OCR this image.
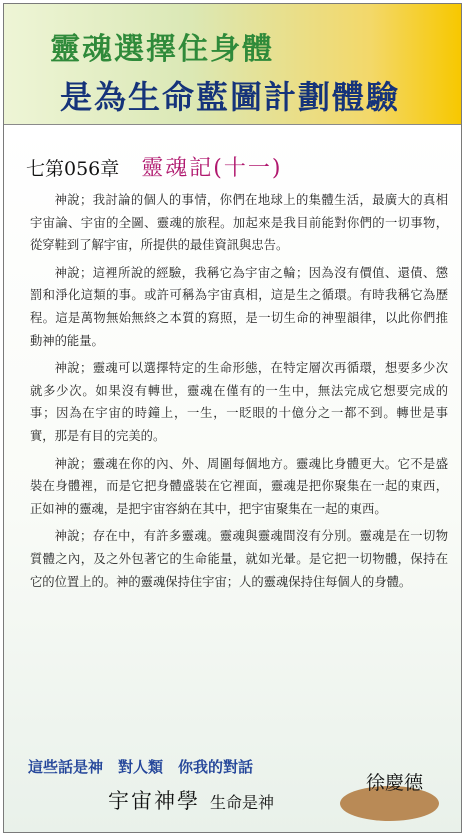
靈魂選擇住身體
是為生命藍圖計劃體驗
七第056章 靈魂記(十一)

神說；我討論的個人的事情，你們在地球上的集體生活，最廣大的真相宇宙論、宇宙的全圖、靈魂的旅程。加起來是我目前能對你們的一切事物，從穿鞋到了解宇宙，所提供的最佳資訊與忠告。

神說；這裡所說的經驗，我稱它為宇宙之輪；因為沒有價值、還債、懲罰和淨化這類的事。或許可稱為宇宙真相，這是生之循環。有時我稱它為歷程。這是萬物無始無終之本質的寫照，是一切生命的神聖韻律，以此你們推動神的能量。

神說；靈魂可以選擇特定的生命形態，在特定層次再循環，想要多少次就多少次。如果沒有轉世，靈魂在僅有的一生中，無法完成它想要完成的事；因為在宇宙的時鐘上，一生，一眨眼的十億分之一都不到。轉世是事實，那是有目的完美的。

神說；靈魂在你的內、外、周圍每個地方。靈魂比身體更大。它不是盛裝在身體裡，而是它把身體盛裝在它裡面，靈魂是把你聚集在一起的東西，正如神的靈魂，是把宇宙容納在其中，把宇宙聚集在一起的東西。

神說；存在中，有許多靈魂。靈魂與靈魂間沒有分別。靈魂是在一切物質體之內，及之外包著它的生命能量，就如光暈。是它把一切物體，保持在它的位置上的。神的靈魂保持住宇宙；人的靈魂保持住每個人的身體。

這些話是神　對人類　你我的對話
宇宙神學 生命是神
徐慶德
